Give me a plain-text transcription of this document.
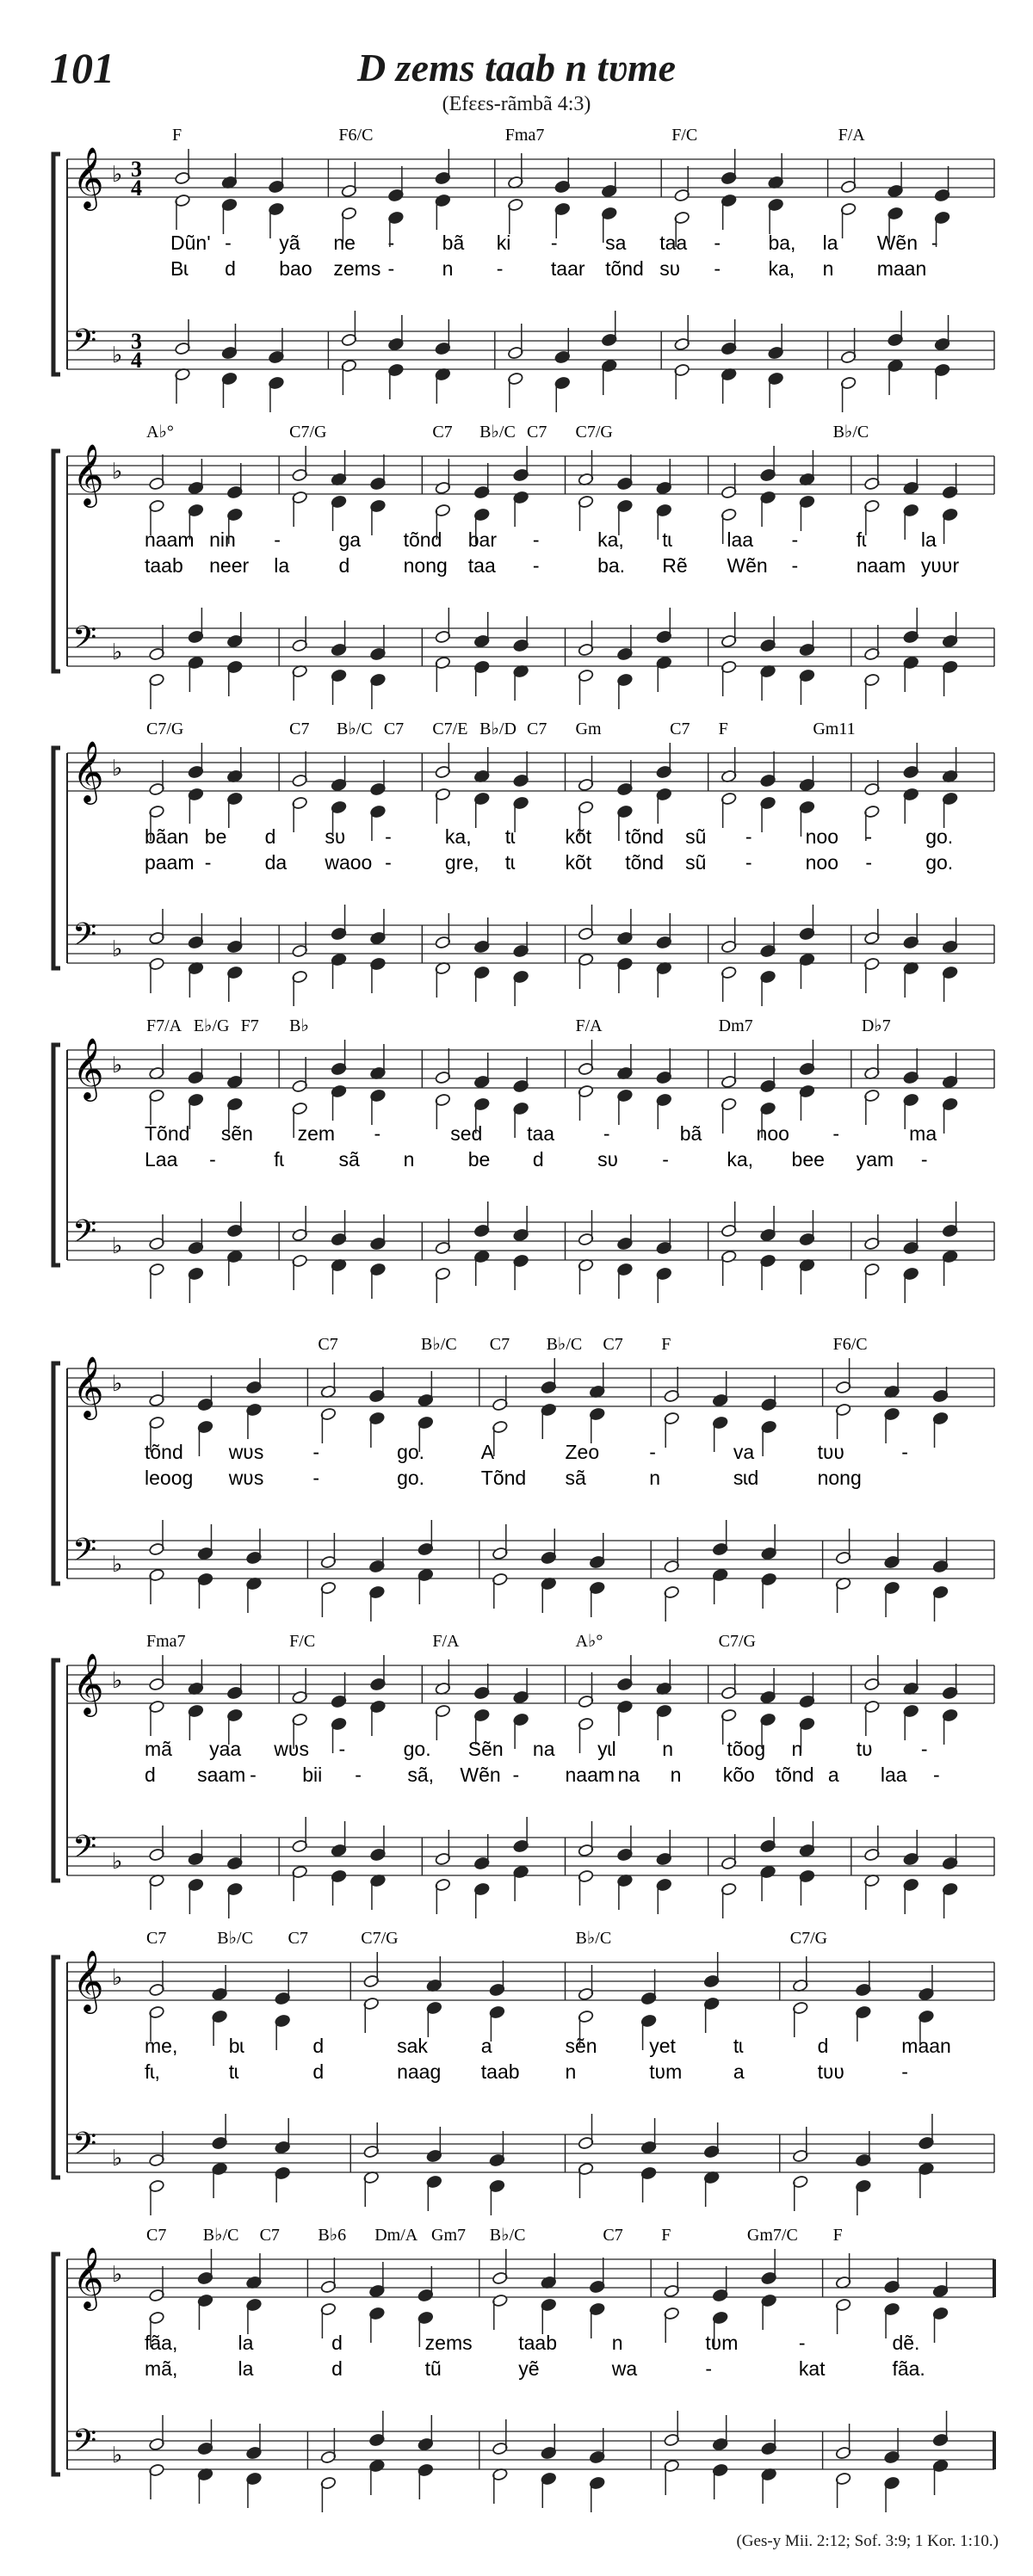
101	D zems taab n tʋme
(Efɛɛs-rãmbã 4:3)
𝄞
𝄢
♭
♭
3
3
4
4
F	F6/C	Fma7	F/C	F/A
Dũn' - yã ne - bã ki - sa taa - ba, la Wẽn -
Bɩ d bao zems - n - taar tõnd sʋ - ka, n maan
𝄞
𝄢
♭
♭
A♭°	C7/G	C7 B♭/C C7 C7/G	B♭/C
naam nin -	ga tõnd bar -	ka, tɩ	laa -	fɩ	la
taab neer la d	nong taa -	ba. Rẽ Wẽn -	naam yʋʋr
𝄞
𝄢
♭
♭
C7/G	C7 B♭/C C7 C7/E B♭/D C7 Gm	C7 F	Gm11
bãan be d sʋ -	ka, tɩ	kõt tõnd sũ -	noo -	go.
paam -	da waoo -	gre, tɩ	kõt tõnd sũ -	noo -	go.
𝄞
𝄢
♭
♭
F7/A E♭/G F7 B♭	F/A	Dm7	D♭7
Tõnd sẽn zem -	sed taa -	bã	noo -	ma
Laa -	fɩ	sã n	be d	sʋ -	ka, bee yam -
𝄞
𝄢
♭
♭
C7	B♭/C C7 B♭/C C7 F	F6/C
tõnd wʋs -	go.	A	Zeo	-	va	tʋʋ	-
leoog wʋs -	go.	Tõnd sã	n	sɩd	nong
𝄞
𝄢
♭
♭
Fma7	F/C	F/A	A♭°	C7/G
mã yaa wʋs -	go. Sẽn na yɩl n	tõog n	tʋ -
d saam - bii - sã, Wẽn - naam na n kõo tõnd a laa -
𝄞
𝄢
♭
♭
C7	B♭/C C7	C7/G	B♭/C	C7/G
me,	bɩ	d	sak	a	sẽn	yet	tɩ	d	maan
fɩ,	tɩ	d	naag taab n	tʋm	a	tʋʋ	-
𝄞
𝄢
♭
♭
C7 B♭/C C7 B♭6 Dm/A Gm7 B♭/C	C7 F	Gm7/C F
fãa,	la	d	zems taab	n	tʋm	-	dẽ.
mã,	la	d	tũ	yẽ	wa	-	kat	fãa.
(Ges-y Mii. 2:12; Sof. 3:9; 1 Kor. 1:10.)
